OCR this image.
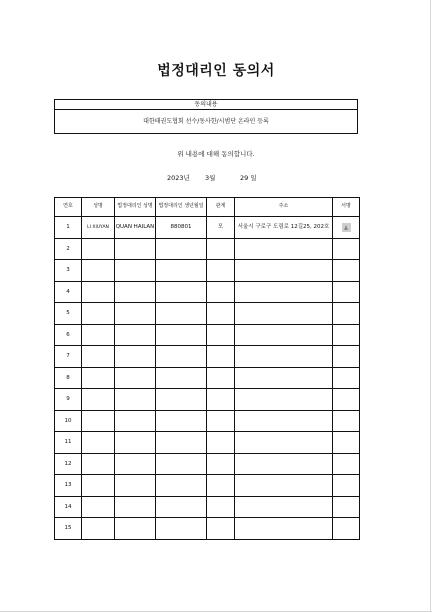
법정대리인 동의서
동의내용
대한태권도협회 선수/동사한/시범단 온라인 등록
위 내용에 대해 동의합니다.
2023년 3월	29 일
연호	성명	법정대리인 성명	법정대리인 생년월일	관계	주소	서명
1	LI XIUYAN	QUAN HAILAN	880801	모	서울시 구로구 도림로 12길25, 202호	
2						
3						
4						
5						
6						
7						
8						
9						
10						
11						
12						
13						
14						
15						
